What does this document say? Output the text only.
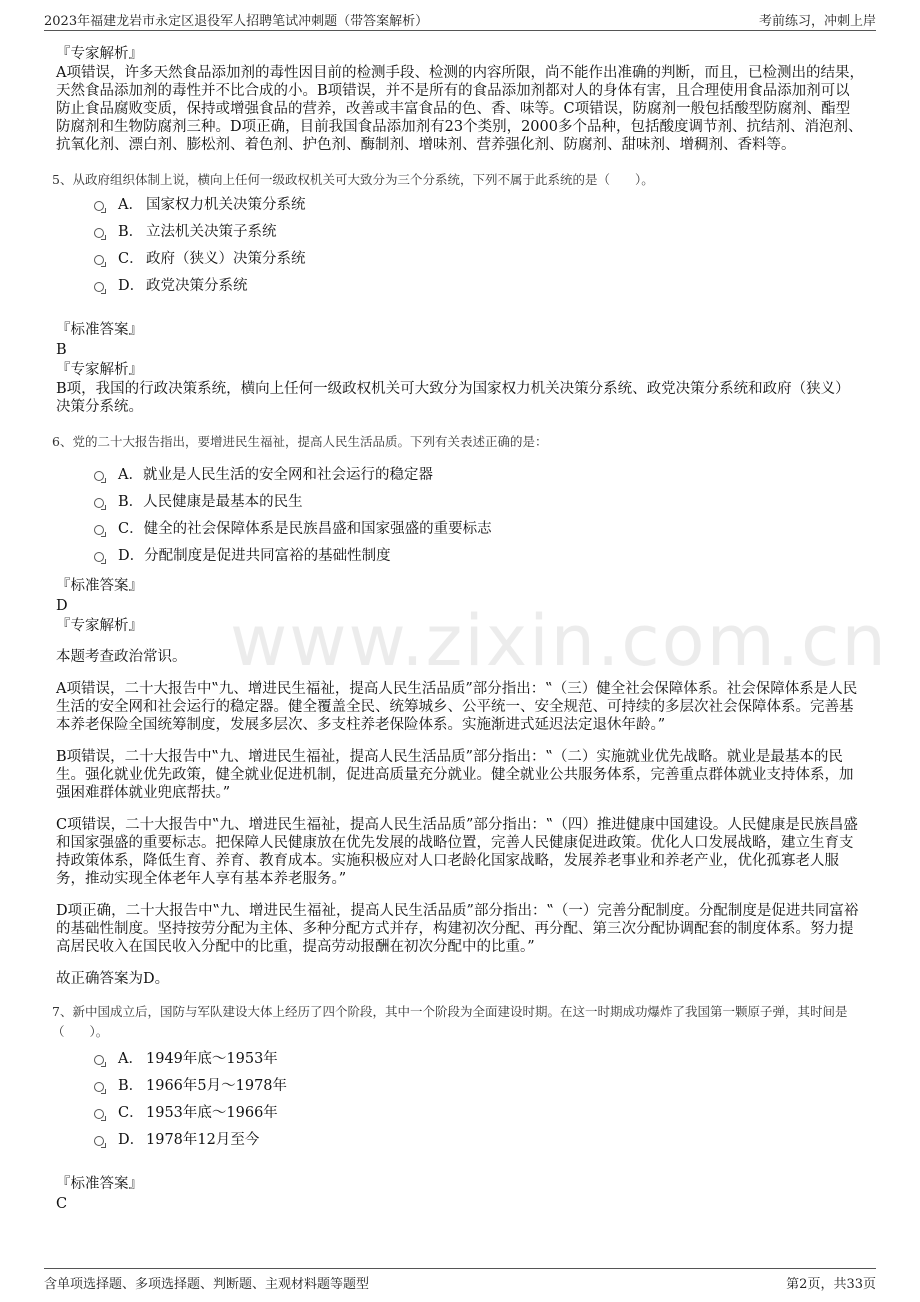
2023年福建龙岩市永定区退役军人招聘笔试冲刺题（带答案解析）	考前练习，冲刺上岸
www.zixin.com.cn

『专家解析』

A项错误，许多天然食品添加剂的毒性因目前的检测手段、检测的内容所限，尚不能作出准确的判断，而且，已检测出的结果，天然食品添加剂的毒性并不比合成的小。B项错误，并不是所有的食品添加剂都对人的身体有害，且合理使用食品添加剂可以防止食品腐败变质，保持或增强食品的营养，改善或丰富食品的色、香、味等。C项错误，防腐剂一般包括酸型防腐剂、酯型防腐剂和生物防腐剂三种。D项正确，目前我国食品添加剂有23个类别，2000多个品种，包括酸度调节剂、抗结剂、消泡剂、抗氧化剂、漂白剂、膨松剂、着色剂、护色剂、酶制剂、增味剂、营养强化剂、防腐剂、甜味剂、增稠剂、香料等。

5、从政府组织体制上说，横向上任何一级政权机关可大致分为三个分系统，下列不属于此系统的是（　　）。

A． 国家权力机关决策分系统
B． 立法机关决策子系统
C． 政府（狭义）决策分系统
D． 政党决策分系统

『标准答案』

B

『专家解析』

B项，我国的行政决策系统，横向上任何一级政权机关可大致分为国家权力机关决策分系统、政党决策分系统和政府（狭义）决策分系统。

6、党的二十大报告指出，要增进民生福祉，提高人民生活品质。下列有关表述正确的是：

A．就业是人民生活的安全网和社会运行的稳定器
B．人民健康是最基本的民生
C．健全的社会保障体系是民族昌盛和国家强盛的重要标志
D．分配制度是促进共同富裕的基础性制度

『标准答案』

D

『专家解析』

本题考查政治常识。

A项错误，二十大报告中‟九、增进民生福祉，提高人民生活品质”部分指出：‟（三）健全社会保障体系。社会保障体系是人民生活的安全网和社会运行的稳定器。健全覆盖全民、统筹城乡、公平统一、安全规范、可持续的多层次社会保障体系。完善基本养老保险全国统筹制度，发展多层次、多支柱养老保险体系。实施渐进式延迟法定退休年龄。”

B项错误，二十大报告中‟九、增进民生福祉，提高人民生活品质”部分指出：‟（二）实施就业优先战略。就业是最基本的民生。强化就业优先政策，健全就业促进机制，促进高质量充分就业。健全就业公共服务体系，完善重点群体就业支持体系，加强困难群体就业兜底帮扶。”

C项错误，二十大报告中‟九、增进民生福祉，提高人民生活品质”部分指出：‟（四）推进健康中国建设。人民健康是民族昌盛和国家强盛的重要标志。把保障人民健康放在优先发展的战略位置，完善人民健康促进政策。优化人口发展战略，建立生育支持政策体系，降低生育、养育、教育成本。实施积极应对人口老龄化国家战略，发展养老事业和养老产业，优化孤寡老人服务，推动实现全体老年人享有基本养老服务。”

D项正确，二十大报告中‟九、增进民生福祉，提高人民生活品质”部分指出：‟（一）完善分配制度。分配制度是促进共同富裕的基础性制度。坚持按劳分配为主体、多种分配方式并存，构建初次分配、再分配、第三次分配协调配套的制度体系。努力提高居民收入在国民收入分配中的比重，提高劳动报酬在初次分配中的比重。”

故正确答案为D。

7、新中国成立后，国防与军队建设大体上经历了四个阶段，其中一个阶段为全面建设时期。在这一时期成功爆炸了我国第一颗原子弹，其时间是（　　）。

A． 1949年底～1953年
B． 1966年5月～1978年
C． 1953年底～1966年
D． 1978年12月至今

『标准答案』

C

含单项选择题、多项选择题、判断题、主观材料题等题型	第2页，共33页
